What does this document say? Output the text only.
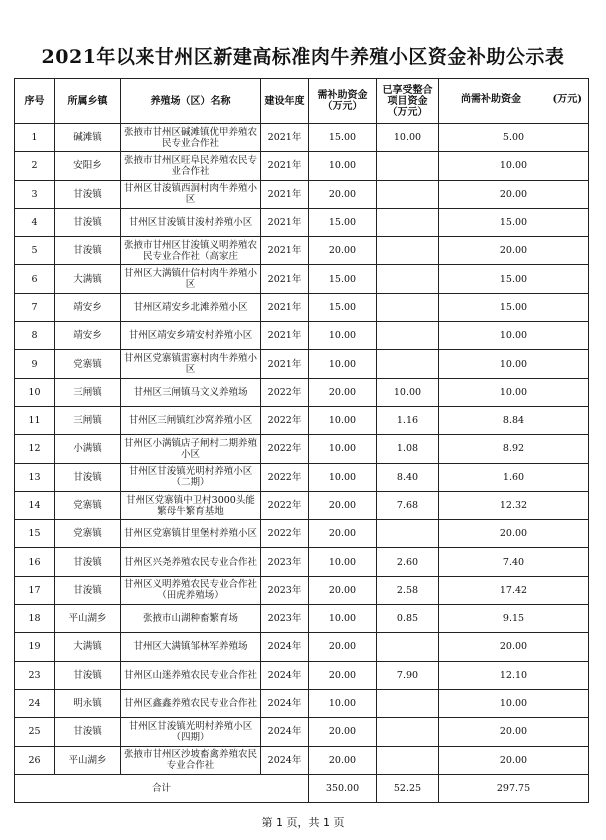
2021年以来甘州区新建高标准肉牛养殖小区资金补助公示表
序号	所属乡镇	养殖场（区）名称	建设年度	需补助资金（万元）	已享受整合项目资金（万元）	尚需补助资金 (万元)

1	碱滩镇	张掖市甘州区碱滩镇优甲养殖农民专业合作社	2021年	15.00	10.00	5.00
2	安阳乡	张掖市甘州区旺阜民养殖农民专业合作社	2021年	10.00		10.00
3	甘浚镇	甘州区甘浚镇西洞村肉牛养殖小区	2021年	20.00		20.00
4	甘浚镇	甘州区甘浚镇甘浚村养殖小区	2021年	15.00		15.00
5	甘浚镇	张掖市甘州区甘浚镇义明养殖农民专业合作社（高家庄	2021年	20.00		20.00
6	大满镇	甘州区大满镇什信村肉牛养殖小区	2021年	15.00		15.00
7	靖安乡	甘州区靖安乡北滩养殖小区	2021年	15.00		15.00
8	靖安乡	甘州区靖安乡靖安村养殖小区	2021年	10.00		10.00
9	党寨镇	甘州区党寨镇雷寨村肉牛养殖小区	2021年	10.00		10.00
10	三闸镇	甘州区三闸镇马文义养殖场	2022年	20.00	10.00	10.00
11	三闸镇	甘州区三闸镇红沙窝养殖小区	2022年	10.00	1.16	8.84
12	小满镇	甘州区小满镇店子闸村二期养殖小区	2022年	10.00	1.08	8.92
13	甘浚镇	甘州区甘浚镇光明村养殖小区（二期）	2022年	10.00	8.40	1.60
14	党寨镇	甘州区党寨镇中卫村3000头能繁母牛繁育基地	2022年	20.00	7.68	12.32
15	党寨镇	甘州区党寨镇甘里堡村养殖小区	2022年	20.00		20.00
16	甘浚镇	甘州区兴尧养殖农民专业合作社	2023年	10.00	2.60	7.40
17	甘浚镇	甘州区义明养殖农民专业合作社（田虎养殖场）	2023年	20.00	2.58	17.42
18	平山湖乡	张掖市山湖种畜繁育场	2023年	10.00	0.85	9.15
19	大满镇	甘州区大满镇邹林军养殖场	2024年	20.00		20.00
23	甘浚镇	甘州区山迷养殖农民专业合作社	2024年	20.00	7.90	12.10
24	明永镇	甘州区鑫鑫养殖农民专业合作社	2024年	10.00		10.00
25	甘浚镇	甘州区甘浚镇光明村养殖小区（四期）	2024年	20.00		20.00
26	平山湖乡	张掖市甘州区沙坡畜禽养殖农民专业合作社	2024年	20.00		20.00
合计				350.00	52.25	297.75
第 1 页，共 1 页
